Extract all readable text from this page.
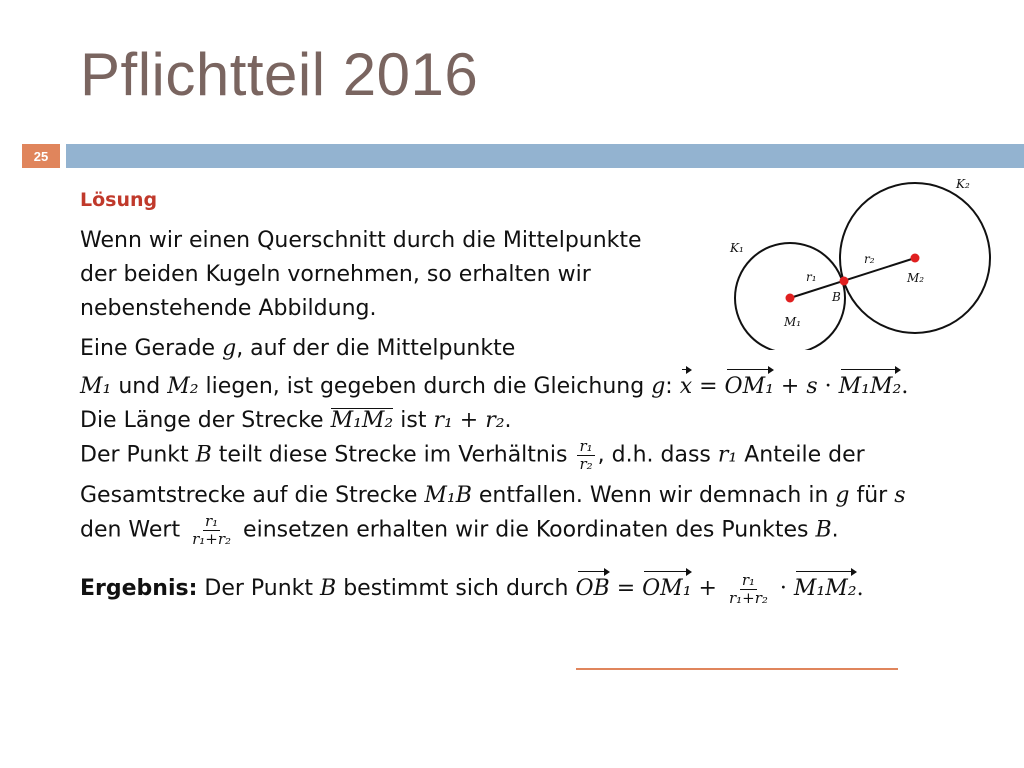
Pflichtteil 2016
25
K₁
K₂
r₁
r₂
M₁
M₂
B
Lösung

Wenn wir einen Querschnitt durch die Mittelpunkte der beiden Kugeln vornehmen, so erhalten wir nebenstehende Abbildung.

Eine Gerade g, auf der die Mittelpunkte
M₁ und M₂ liegen, ist gegeben durch die Gleichung g: x = OM₁ + s · M₁M₂.
Die Länge der Strecke M₁M₂ ist r₁ + r₂.
Der Punkt B teilt diese Strecke im Verhältnis $\frac{\text{r₁}}{\text{r₂}}$ , d.h. dass r₁ Anteile der
Gesamtstrecke auf die Strecke M₁B entfallen. Wenn wir demnach in g für s
den Wert $\frac{\text{r₁}}{\text{r₁+r₂}}$ einsetzen erhalten wir die Koordinaten des Punktes B.
Ergebnis: Der Punkt B bestimmt sich durch OB = $OM_1 + \frac{\text{r₁}}{\text{r₁+r₂}} \cdot M_1M_2$.
